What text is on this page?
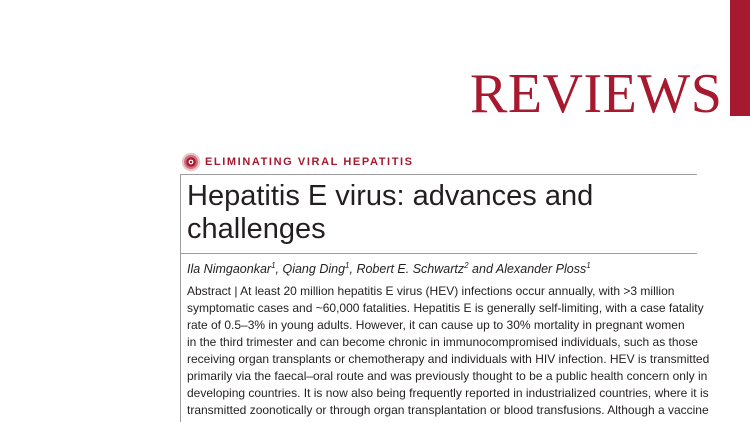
REVIEWS
ELIMINATING VIRAL HEPATITIS
Hepatitis E virus: advances and challenges
Ila Nimgaonkar$^1$, Qiang Ding$^1$, Robert E. Schwartz$^2$ and Alexander Ploss$^1$

Abstract | At least 20 million hepatitis E virus (HEV) infections occur annually, with >3 million
symptomatic cases and ~60,000 fatalities. Hepatitis E is generally self-limiting, with a case fatality
rate of 0.5–3% in young adults. However, it can cause up to 30% mortality in pregnant women
in the third trimester and can become chronic in immunocompromised individuals, such as those
receiving organ transplants or chemotherapy and individuals with HIV infection. HEV is transmitted
primarily via the faecal–oral route and was previously thought to be a public health concern only in
developing countries. It is now also being frequently reported in industrialized countries, where it is
transmitted zoonotically or through organ transplantation or blood transfusions. Although a vaccine
